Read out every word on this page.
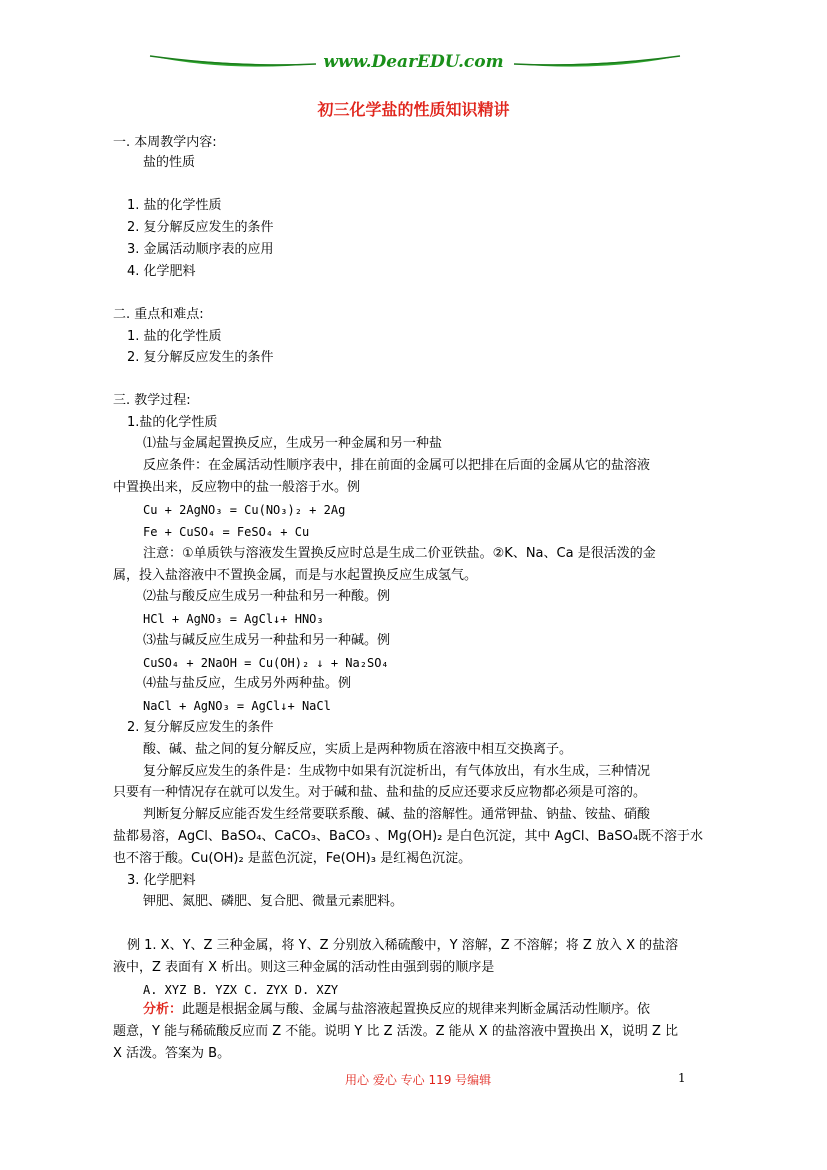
www.DearEDU.com
初三化学盐的性质知识精讲
一. 本周教学内容:
盐的性质
1. 盐的化学性质
2. 复分解反应发生的条件
3. 金属活动顺序表的应用
4. 化学肥料
二. 重点和难点:
1. 盐的化学性质
2. 复分解反应发生的条件
三. 教学过程:
1.盐的化学性质
⑴盐与金属起置换反应，生成另一种金属和另一种盐
反应条件：在金属活动性顺序表中，排在前面的金属可以把排在后面的金属从它的盐溶液
中置换出来，反应物中的盐一般溶于水。例
Cu + 2AgNO₃ = Cu(NO₃)₂ + 2Ag
Fe + CuSO₄ = FeSO₄ + Cu
注意：①单质铁与溶液发生置换反应时总是生成二价亚铁盐。②K、Na、Ca 是很活泼的金
属，投入盐溶液中不置换金属，而是与水起置换反应生成氢气。
⑵盐与酸反应生成另一种盐和另一种酸。例
HCl + AgNO₃ = AgCl↓+ HNO₃
⑶盐与碱反应生成另一种盐和另一种碱。例
CuSO₄ + 2NaOH = Cu(OH)₂ ↓ + Na₂SO₄
⑷盐与盐反应，生成另外两种盐。例
NaCl + AgNO₃ = AgCl↓+ NaCl
2. 复分解反应发生的条件
酸、碱、盐之间的复分解反应，实质上是两种物质在溶液中相互交换离子。
复分解反应发生的条件是：生成物中如果有沉淀析出，有气体放出，有水生成，三种情况
只要有一种情况存在就可以发生。对于碱和盐、盐和盐的反应还要求反应物都必须是可溶的。
判断复分解反应能否发生经常要联系酸、碱、盐的溶解性。通常钾盐、钠盐、铵盐、硝酸
盐都易溶，AgCl、BaSO₄、CaCO₃、BaCO₃ 、Mg(OH)₂ 是白色沉淀，其中 AgCl、BaSO₄既不溶于水
也不溶于酸。Cu(OH)₂ 是蓝色沉淀，Fe(OH)₃ 是红褐色沉淀。
3. 化学肥料
钾肥、氮肥、磷肥、复合肥、微量元素肥料。
例 1. X、Y、Z 三种金属，将 Y、Z 分别放入稀硫酸中，Y 溶解，Z 不溶解；将 Z 放入 X 的盐溶
液中，Z 表面有 X 析出。则这三种金属的活动性由强到弱的顺序是
A. XYZ B. YZX C. ZYX D. XZY
分析：此题是根据金属与酸、金属与盐溶液起置换反应的规律来判断金属活动性顺序。依
题意，Y 能与稀硫酸反应而 Z 不能。说明 Y 比 Z 活泼。Z 能从 X 的盐溶液中置换出 X，说明 Z 比
X 活泼。答案为 B。
用心 爱心 专心 119 号编辑	1
